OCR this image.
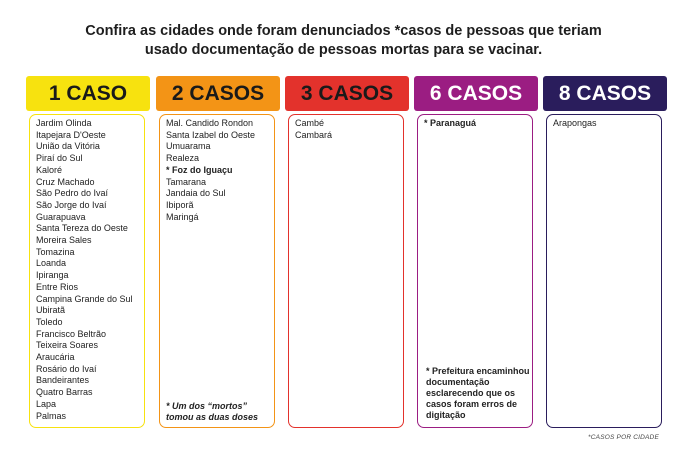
Confira as cidades onde foram denunciados *casos de pessoas que teriam
usado documentação de pessoas mortas para se vacinar.
1 CASO
Jardim Olinda
Itapejara D'Oeste
União da Vitória
Piraí do Sul
Kaloré
Cruz Machado
São Pedro do Ivaí
São Jorge do Ivaí
Guarapuava
Santa Tereza do Oeste
Moreira Sales
Tomazina
Loanda
Ipiranga
Entre Rios
Campina Grande do Sul
Ubiratã
Toledo
Francisco Beltrão
Teixeira Soares
Araucária
Rosário do Ivaí
Bandeirantes
Quatro Barras
Lapa
Palmas
2 CASOS
Mal. Candido Rondon
Santa Izabel do Oeste
Umuarama
Realeza
* Foz do Iguaçu
Tamarana
Jandaia do Sul
Ibiporã
Maringá
* Um dos “mortos”
tomou as duas doses
3 CASOS
Cambé
Cambará
6 CASOS
* Paranaguá
* Prefeitura encaminhou documentação esclarecendo que os casos foram erros de digitação
8 CASOS
Arapongas
*CASOS POR CIDADE
